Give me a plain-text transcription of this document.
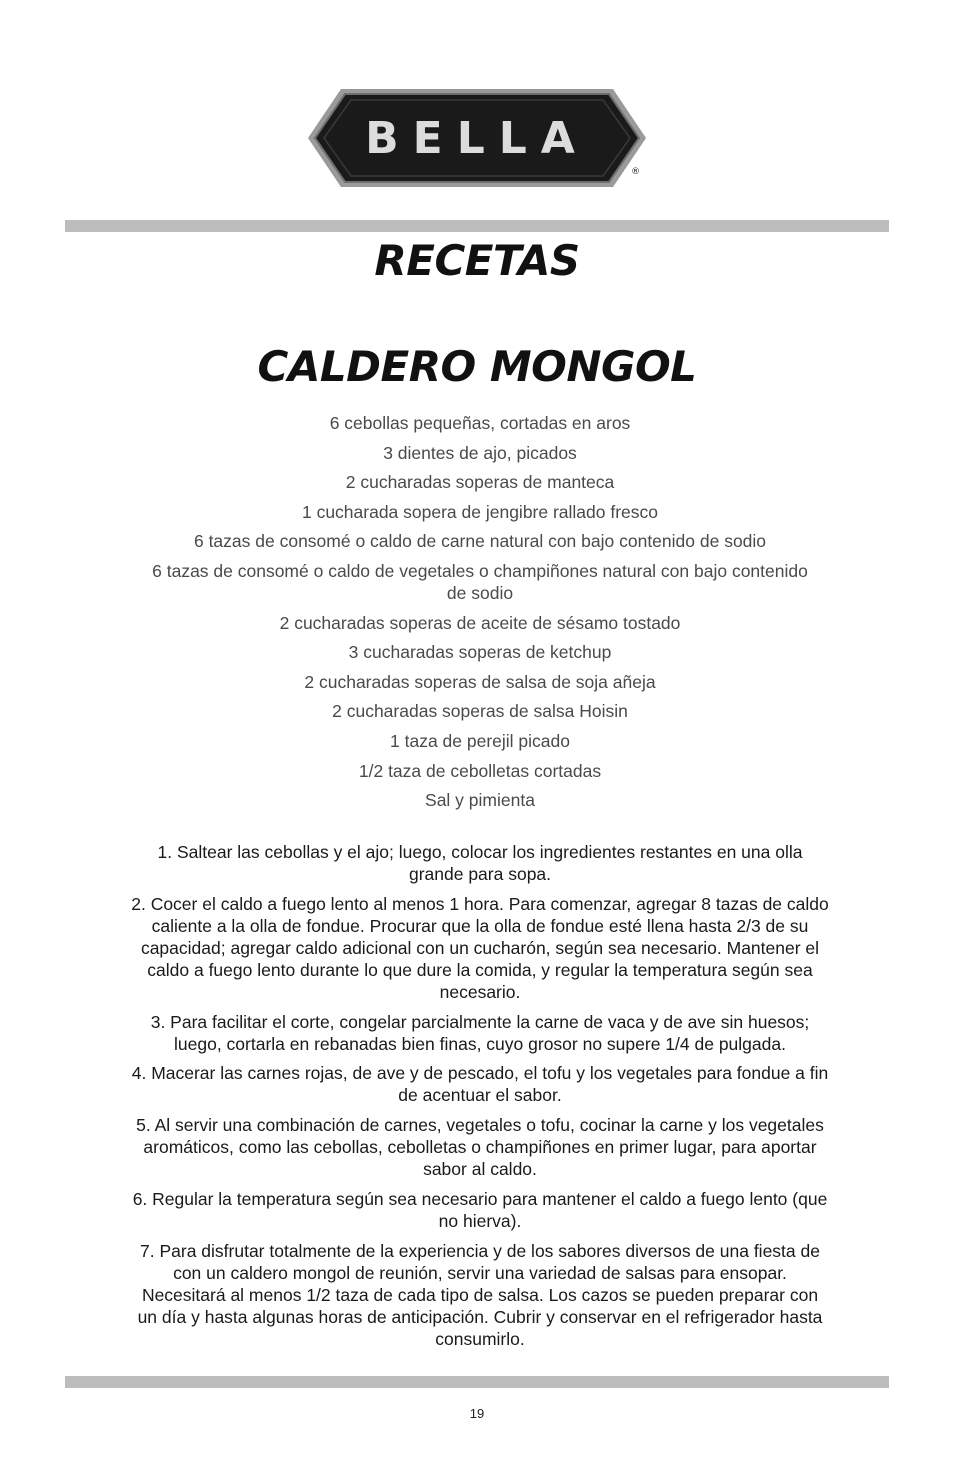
BELLA
®
RECETAS
CALDERO MONGOL
6 cebollas pequeñas, cortadas en aros
3 dientes de ajo, picados
2 cucharadas soperas de manteca
1 cucharada sopera de jengibre rallado fresco
6 tazas de consomé o caldo de carne natural con bajo contenido de sodio
6 tazas de consomé o caldo de vegetales o champiñones natural con bajo contenido de sodio
2 cucharadas soperas de aceite de sésamo tostado
3 cucharadas soperas de ketchup
2 cucharadas soperas de salsa de soja añeja
2 cucharadas soperas de salsa Hoisin
1 taza de perejil picado
1/2 taza de cebolletas cortadas
Sal y pimienta
1. Saltear las cebollas y el ajo; luego, colocar los ingredientes restantes en una olla grande para sopa.
2. Cocer el caldo a fuego lento al menos 1 hora. Para comenzar, agregar 8 tazas de caldo caliente a la olla de fondue. Procurar que la olla de fondue esté llena hasta 2/3 de su capacidad; agregar caldo adicional con un cucharón, según sea necesario. Mantener el caldo a fuego lento durante lo que dure la comida, y regular la temperatura según sea necesario.
3. Para facilitar el corte, congelar parcialmente la carne de vaca y de ave sin huesos; luego, cortarla en rebanadas bien finas, cuyo grosor no supere 1/4 de pulgada.
4. Macerar las carnes rojas, de ave y de pescado, el tofu y los vegetales para fondue a fin de acentuar el sabor.
5. Al servir una combinación de carnes, vegetales o tofu, cocinar la carne y los vegetales aromáticos, como las cebollas, cebolletas o champiñones en primer lugar, para aportar sabor al caldo.
6. Regular la temperatura según sea necesario para mantener el caldo a fuego lento (que no hierva).
7. Para disfrutar totalmente de la experiencia y de los sabores diversos de una fiesta de con un caldero mongol de reunión, servir una variedad de salsas para ensopar. Necesitará al menos 1/2 taza de cada tipo de salsa. Los cazos se pueden preparar con un día y hasta algunas horas de anticipación. Cubrir y conservar en el refrigerador hasta consumirlo.
19
